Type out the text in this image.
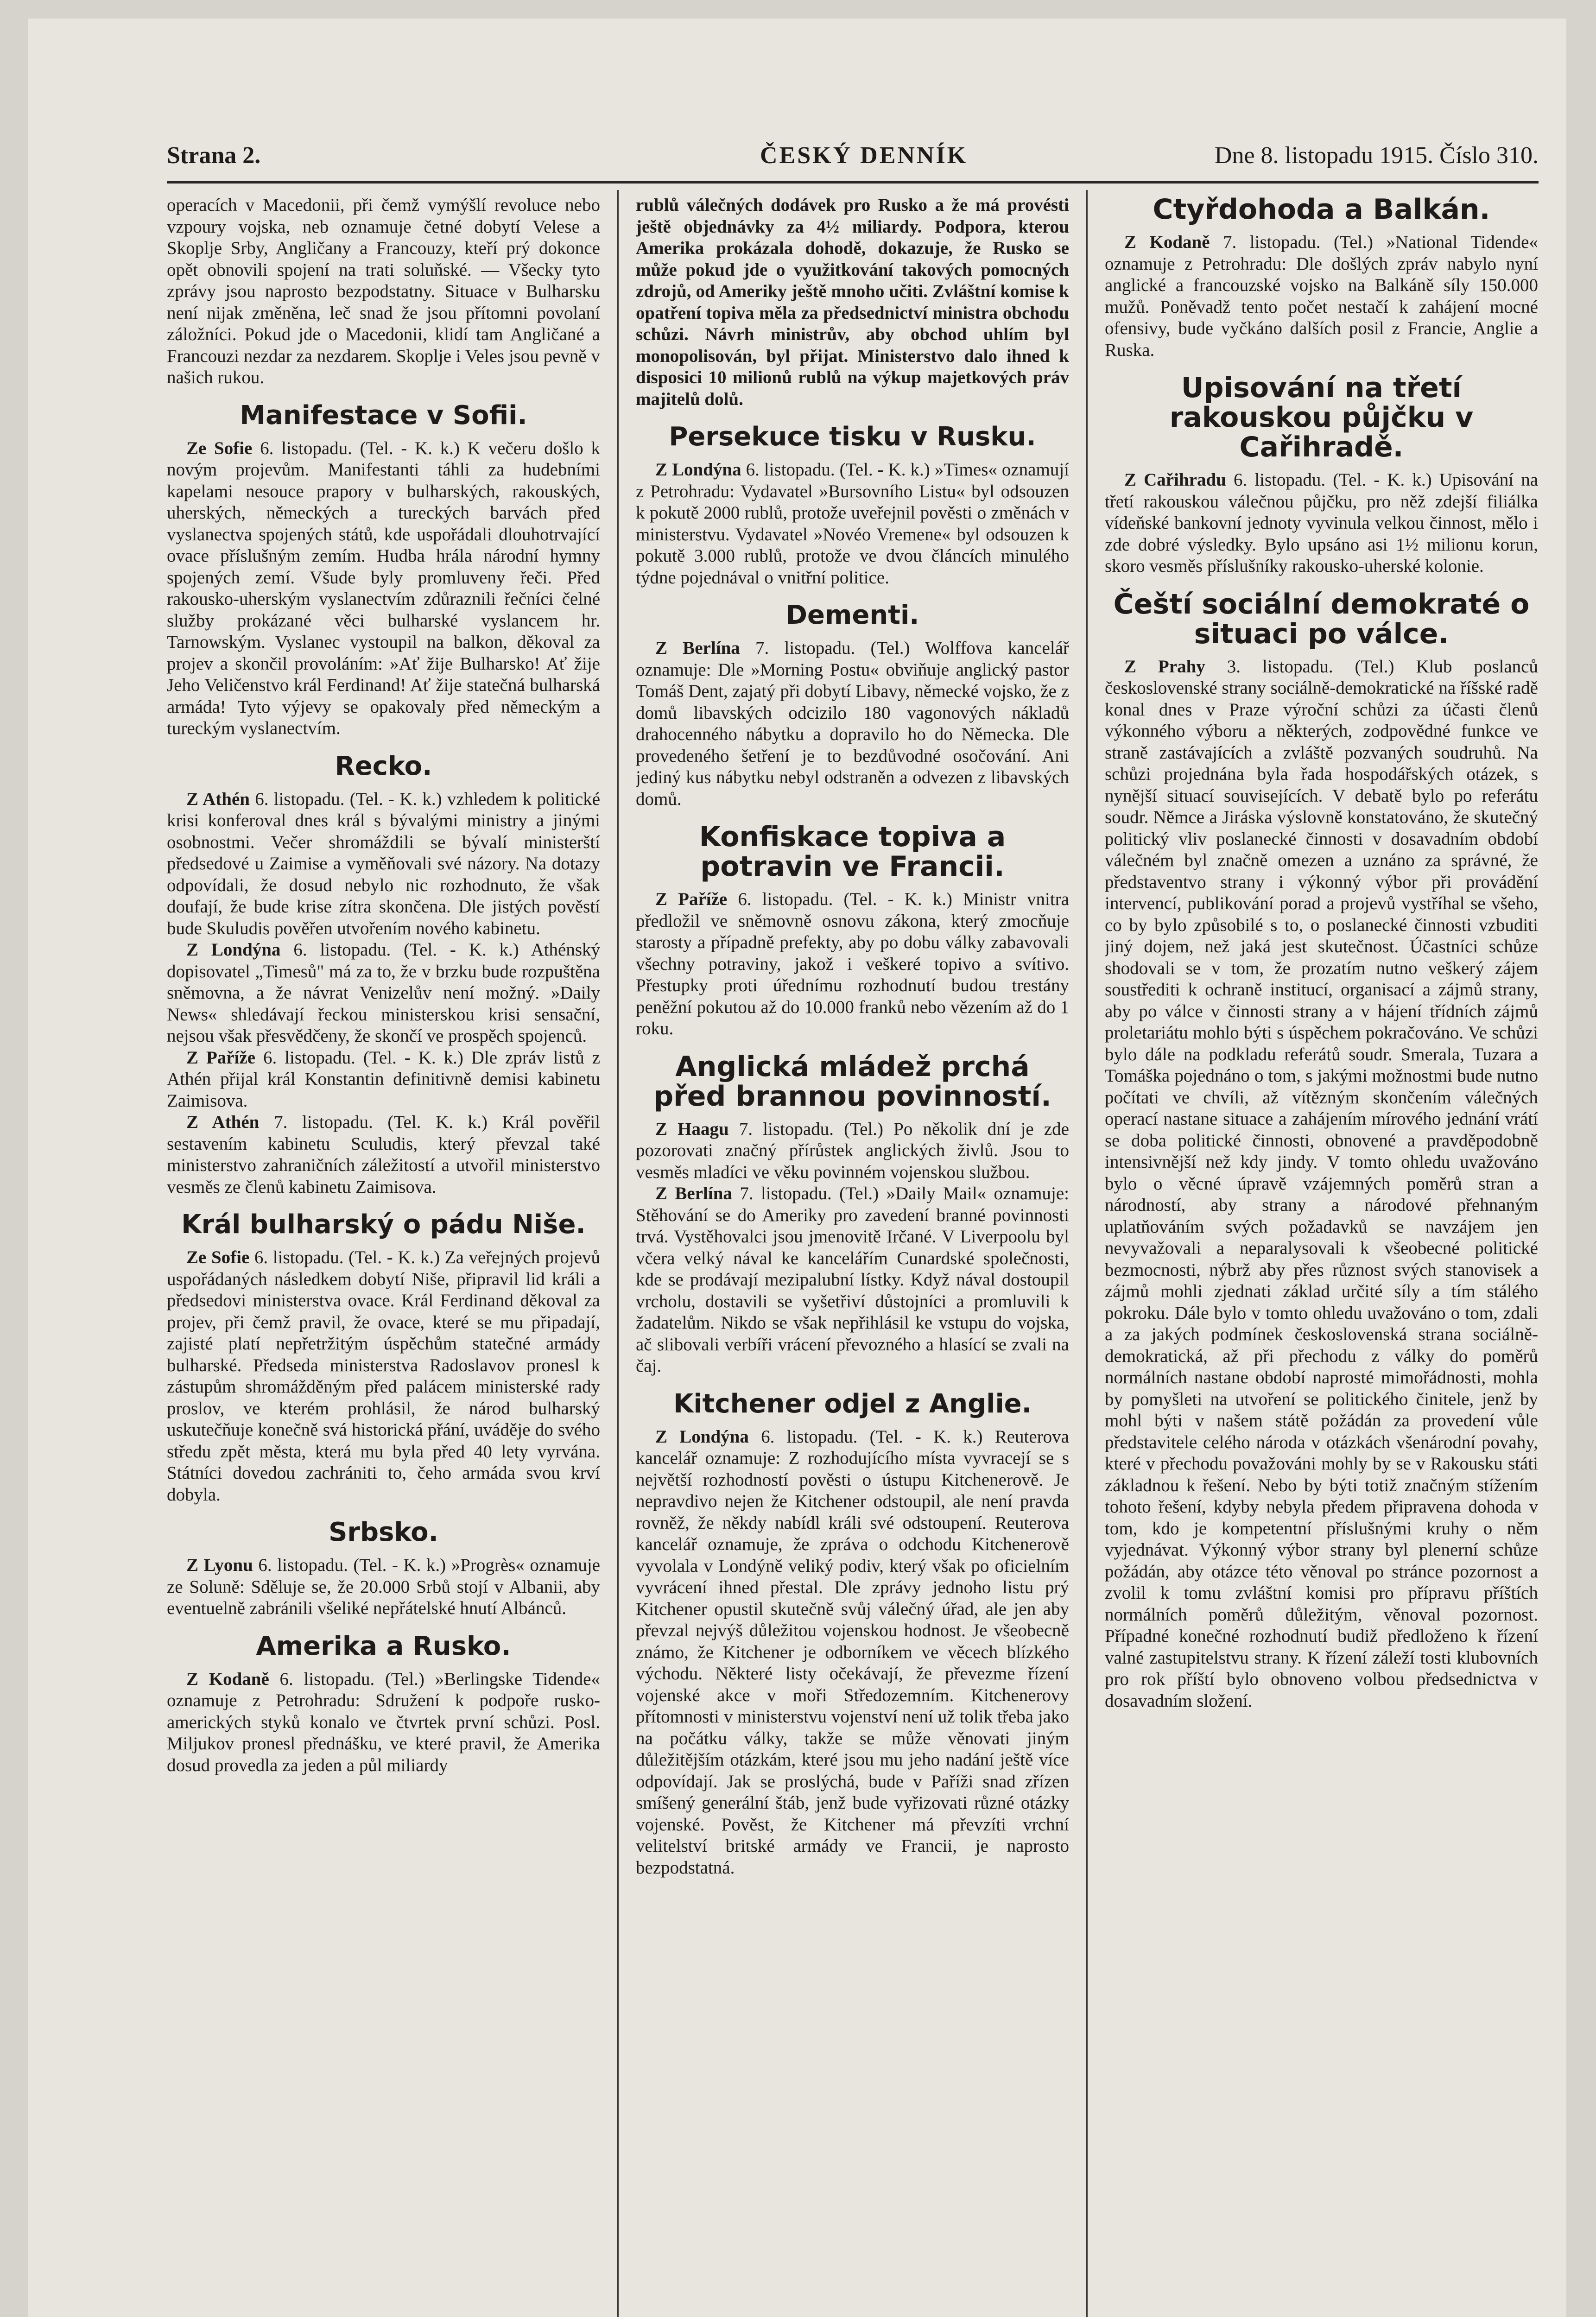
Strana 2.	ČESKÝ DENNÍK	Dne 8. listopadu 1915. Číslo 310.

operacích v Macedonii, při čemž vymýšlí revoluce nebo vzpoury vojska, neb oznamuje četné dobytí Velese a Skoplje Srby, Angličany a Francouzy, kteří prý dokonce opět obnovili spojení na trati soluňské. — Všecky tyto zprávy jsou naprosto bezpodstatny. Situace v Bulharsku není nijak změněna, leč snad že jsou přítomni povolaní záložníci. Pokud jde o Macedonii, klidí tam Angličané a Francouzi nezdar za nezdarem. Skoplje i Veles jsou pevně v našich rukou.

Manifestace v Sofii.

Ze Sofie 6. listopadu. (Tel. - K. k.) K večeru došlo k novým projevům. Manifestanti táhli za hudebními kapelami nesouce prapory v bulharských, rakouských, uherských, německých a tureckých barvách před vyslanectva spojených států, kde uspořádali dlouhotrvající ovace příslušným zemím. Hudba hrála národní hymny spojených zemí. Všude byly promluveny řeči. Před rakousko-uherským vyslanectvím zdůraznili řečníci čelné služby prokázané věci bulharské vyslancem hr. Tarnowským. Vyslanec vystoupil na balkon, děkoval za projev a skončil provoláním: »Ať žije Bulharsko! Ať žije Jeho Veličenstvo král Ferdinand! Ať žije statečná bulharská armáda! Tyto výjevy se opakovaly před německým a tureckým vyslanectvím.

Recko.

Z Athén 6. listopadu. (Tel. - K. k.) vzhledem k politické krisi konferoval dnes král s bývalými ministry a jinými osobnostmi. Večer shromáždili se bývalí ministerští předsedové u Zaimise a vyměňovali své názory. Na dotazy odpovídali, že dosud nebylo nic rozhodnuto, že však doufají, že bude krise zítra skončena. Dle jistých pověstí bude Skuludis pověřen utvořením nového kabinetu.

Z Londýna 6. listopadu. (Tel. - K. k.) Athénský dopisovatel „Timesů" má za to, že v brzku bude rozpuštěna sněmovna, a že návrat Venizelův není možný. »Daily News« shledávají řeckou ministerskou krisi sensační, nejsou však přesvědčeny, že skončí ve prospěch spojenců.

Z Paříže 6. listopadu. (Tel. - K. k.) Dle zpráv listů z Athén přijal král Konstantin definitivně demisi kabinetu Zaimisova.

Z Athén 7. listopadu. (Tel. K. k.) Král pověřil sestavením kabinetu Sculudis, který převzal také ministerstvo zahraničních záležitostí a utvořil ministerstvo vesměs ze členů kabinetu Zaimisova.

Král bulharský o pádu Niše.

Ze Sofie 6. listopadu. (Tel. - K. k.) Za veřejných projevů uspořádaných následkem dobytí Niše, připravil lid králi a předsedovi ministerstva ovace. Král Ferdinand děkoval za projev, při čemž pravil, že ovace, které se mu připadají, zajisté platí nepřetržitým úspěchům statečné armády bulharské. Předseda ministerstva Radoslavov pronesl k zástupům shromážděným před palácem ministerské rady proslov, ve kterém prohlásil, že národ bulharský uskutečňuje konečně svá historická přání, uváděje do svého středu zpět města, která mu byla před 40 lety vyrvána. Státníci dovedou zachrániti to, čeho armáda svou krví dobyla.

Srbsko.

Z Lyonu 6. listopadu. (Tel. - K. k.) »Progrès« oznamuje ze Soluně: Sděluje se, že 20.000 Srbů stojí v Albanii, aby eventuelně zabránili všeliké nepřátelské hnutí Albánců.

Amerika a Rusko.

Z Kodaně 6. listopadu. (Tel.) »Berlingske Tidende« oznamuje z Petrohradu: Sdružení k podpoře rusko-amerických styků konalo ve čtvrtek první schůzi. Posl. Miljukov pronesl přednášku, ve které pravil, že Amerika dosud provedla za jeden a půl miliardy

rublů válečných dodávek pro Rusko a že má provésti ještě objednávky za 4½ miliardy. Podpora, kterou Amerika prokázala dohodě, dokazuje, že Rusko se může pokud jde o využitkování takových pomocných zdrojů, od Ameriky ještě mnoho učiti. Zvláštní komise k opatření topiva měla za předsednictví ministra obchodu schůzi. Návrh ministrův, aby obchod uhlím byl monopolisován, byl přijat. Ministerstvo dalo ihned k disposici 10 milionů rublů na výkup majetkových práv majitelů dolů.

Persekuce tisku v Rusku.

Z Londýna 6. listopadu. (Tel. - K. k.) »Times« oznamují z Petrohradu: Vydavatel »Bursovního Listu« byl odsouzen k pokutě 2000 rublů, protože uveřejnil pověsti o změnách v ministerstvu. Vydavatel »Novéo Vremene« byl odsouzen k pokutě 3.000 rublů, protože ve dvou článcích minulého týdne pojednával o vnitřní politice.

Dementi.

Z Berlína 7. listopadu. (Tel.) Wolffova kancelář oznamuje: Dle »Morning Postu« obviňuje anglický pastor Tomáš Dent, zajatý při dobytí Libavy, německé vojsko, že z domů libavských odcizilo 180 vagonových nákladů drahocenného nábytku a dopravilo ho do Německa. Dle provedeného šetření je to bezdůvodné osočování. Ani jediný kus nábytku nebyl odstraněn a odvezen z libavských domů.

Konfiskace topiva a potravin ve Francii.

Z Paříže 6. listopadu. (Tel. - K. k.) Ministr vnitra předložil ve sněmovně osnovu zákona, který zmocňuje starosty a případně prefekty, aby po dobu války zabavovali všechny potraviny, jakož i veškeré topivo a svítivo. Přestupky proti úřednímu rozhodnutí budou trestány peněžní pokutou až do 10.000 franků nebo vězením až do 1 roku.

Anglická mládež prchá před brannou povinností.

Z Haagu 7. listopadu. (Tel.) Po několik dní je zde pozorovati značný přírůstek anglických živlů. Jsou to vesměs mladíci ve věku povinném vojenskou službou.

Z Berlína 7. listopadu. (Tel.) »Daily Mail« oznamuje: Stěhování se do Ameriky pro zavedení branné povinnosti trvá. Vystěhovalci jsou jmenovitě Irčané. V Liverpoolu byl včera velký nával ke kancelářím Cunardské společnosti, kde se prodávají mezipalubní lístky. Když nával dostoupil vrcholu, dostavili se vyšetřiví důstojníci a promluvili k žadatelům. Nikdo se však nepřihlásil ke vstupu do vojska, ač slibovali verbíři vrácení převozného a hlasící se zvali na čaj.

Kitchener odjel z Anglie.

Z Londýna 6. listopadu. (Tel. - K. k.) Reuterova kancelář oznamuje: Z rozhodujícího místa vyvracejí se s největší rozhodností pověsti o ústupu Kitchenerově. Je nepravdivo nejen že Kitchener odstoupil, ale není pravda rovněž, že někdy nabídl králi své odstoupení. Reuterova kancelář oznamuje, že zpráva o odchodu Kitchenerově vyvolala v Londýně veliký podiv, který však po oficielním vyvrácení ihned přestal. Dle zprávy jednoho listu prý Kitchener opustil skutečně svůj válečný úřad, ale jen aby převzal nejvýš důležitou vojenskou hodnost. Je všeobecně známo, že Kitchener je odborníkem ve věcech blízkého východu. Některé listy očekávají, že převezme řízení vojenské akce v moři Středozemním. Kitchenerovy přítomnosti v ministerstvu vojenství není už tolik třeba jako na počátku války, takže se může věnovati jiným důležitějším otázkám, které jsou mu jeho nadání ještě více odpovídají. Jak se proslýchá, bude v Paříži snad zřízen smíšený generální štáb, jenž bude vyřizovati různé otázky vojenské. Pověst, že Kitchener má převzíti vrchní velitelství britské armády ve Francii, je naprosto bezpodstatná.

Ctyřdohoda a Balkán.

Z Kodaně 7. listopadu. (Tel.) »National Tidende« oznamuje z Petrohradu: Dle došlých zpráv nabylo nyní anglické a francouzské vojsko na Balkáně síly 150.000 mužů. Poněvadž tento počet nestačí k zahájení mocné ofensivy, bude vyčkáno dalších posil z Francie, Anglie a Ruska.

Upisování na třetí rakouskou půjčku v Cařihradě.

Z Cařihradu 6. listopadu. (Tel. - K. k.) Upisování na třetí rakouskou válečnou půjčku, pro něž zdejší filiálka vídeňské bankovní jednoty vyvinula velkou činnost, mělo i zde dobré výsledky. Bylo upsáno asi 1½ milionu korun, skoro vesměs příslušníky rakousko-uherské kolonie.

Čeští sociální demokraté o situaci po válce.

Z Prahy 3. listopadu. (Tel.) Klub poslanců československé strany sociálně-demokratické na říšské radě konal dnes v Praze výroční schůzi za účasti členů výkonného výboru a některých, zodpovědné funkce ve straně zastávajících a zvláště pozvaných soudruhů. Na schůzi projednána byla řada hospodářských otázek, s nynější situací souvisejících. V debatě bylo po referátu soudr. Němce a Jiráska výslovně konstatováno, že skutečný politický vliv poslanecké činnosti v dosavadním období válečném byl značně omezen a uznáno za správné, že představentvo strany i výkonný výbor při provádění intervencí, publikování porad a projevů vystříhal se všeho, co by bylo způsobilé s to, o poslanecké činnosti vzbuditi jiný dojem, než jaká jest skutečnost. Účastníci schůze shodovali se v tom, že prozatím nutno veškerý zájem soustřediti k ochraně institucí, organisací a zájmů strany, aby po válce v činnosti strany a v hájení třídních zájmů proletariátu mohlo býti s úspěchem pokračováno. Ve schůzi bylo dále na podkladu referátů soudr. Smerala, Tuzara a Tomáška pojednáno o tom, s jakými možnostmi bude nutno počítati ve chvíli, až vítězným skončením válečných operací nastane situace a zahájením mírového jednání vrátí se doba politické činnosti, obnovené a pravděpodobně intensivnější než kdy jindy. V tomto ohledu uvažováno bylo o věcné úpravě vzájemných poměrů stran a národností, aby strany a národové přehnaným uplatňováním svých požadavků se navzájem jen nevyvažovali a neparalysovali k všeobecné politické bezmocnosti, nýbrž aby přes různost svých stanovisek a zájmů mohli zjednati základ určité síly a tím stálého pokroku. Dále bylo v tomto ohledu uvažováno o tom, zdali a za jakých podmínek československá strana sociálně-demokratická, až při přechodu z války do poměrů normálních nastane období naprosté mimořádnosti, mohla by pomyšleti na utvoření se politického činitele, jenž by mohl býti v našem státě požádán za provedení vůle představitele celého národa v otázkách všenárodní povahy, které v přechodu považováni mohly by se v Rakousku státi základnou k řešení. Nebo by býti totiž značným stížením tohoto řešení, kdyby nebyla předem připravena dohoda v tom, kdo je kompetentní příslušnými kruhy o něm vyjednávat. Výkonný výbor strany byl plenerní schůze požádán, aby otázce této věnoval po stránce pozornost a zvolil k tomu zvláštní komisi pro přípravu příštích normálních poměrů důležitým, věnoval pozornost. Případné konečné rozhodnutí budiž předloženo k řízení valné zastupitelstvu strany. K řízení záleží tosti klubovních pro rok příští bylo obnoveno volbou předsednictva v dosavadním složení.
